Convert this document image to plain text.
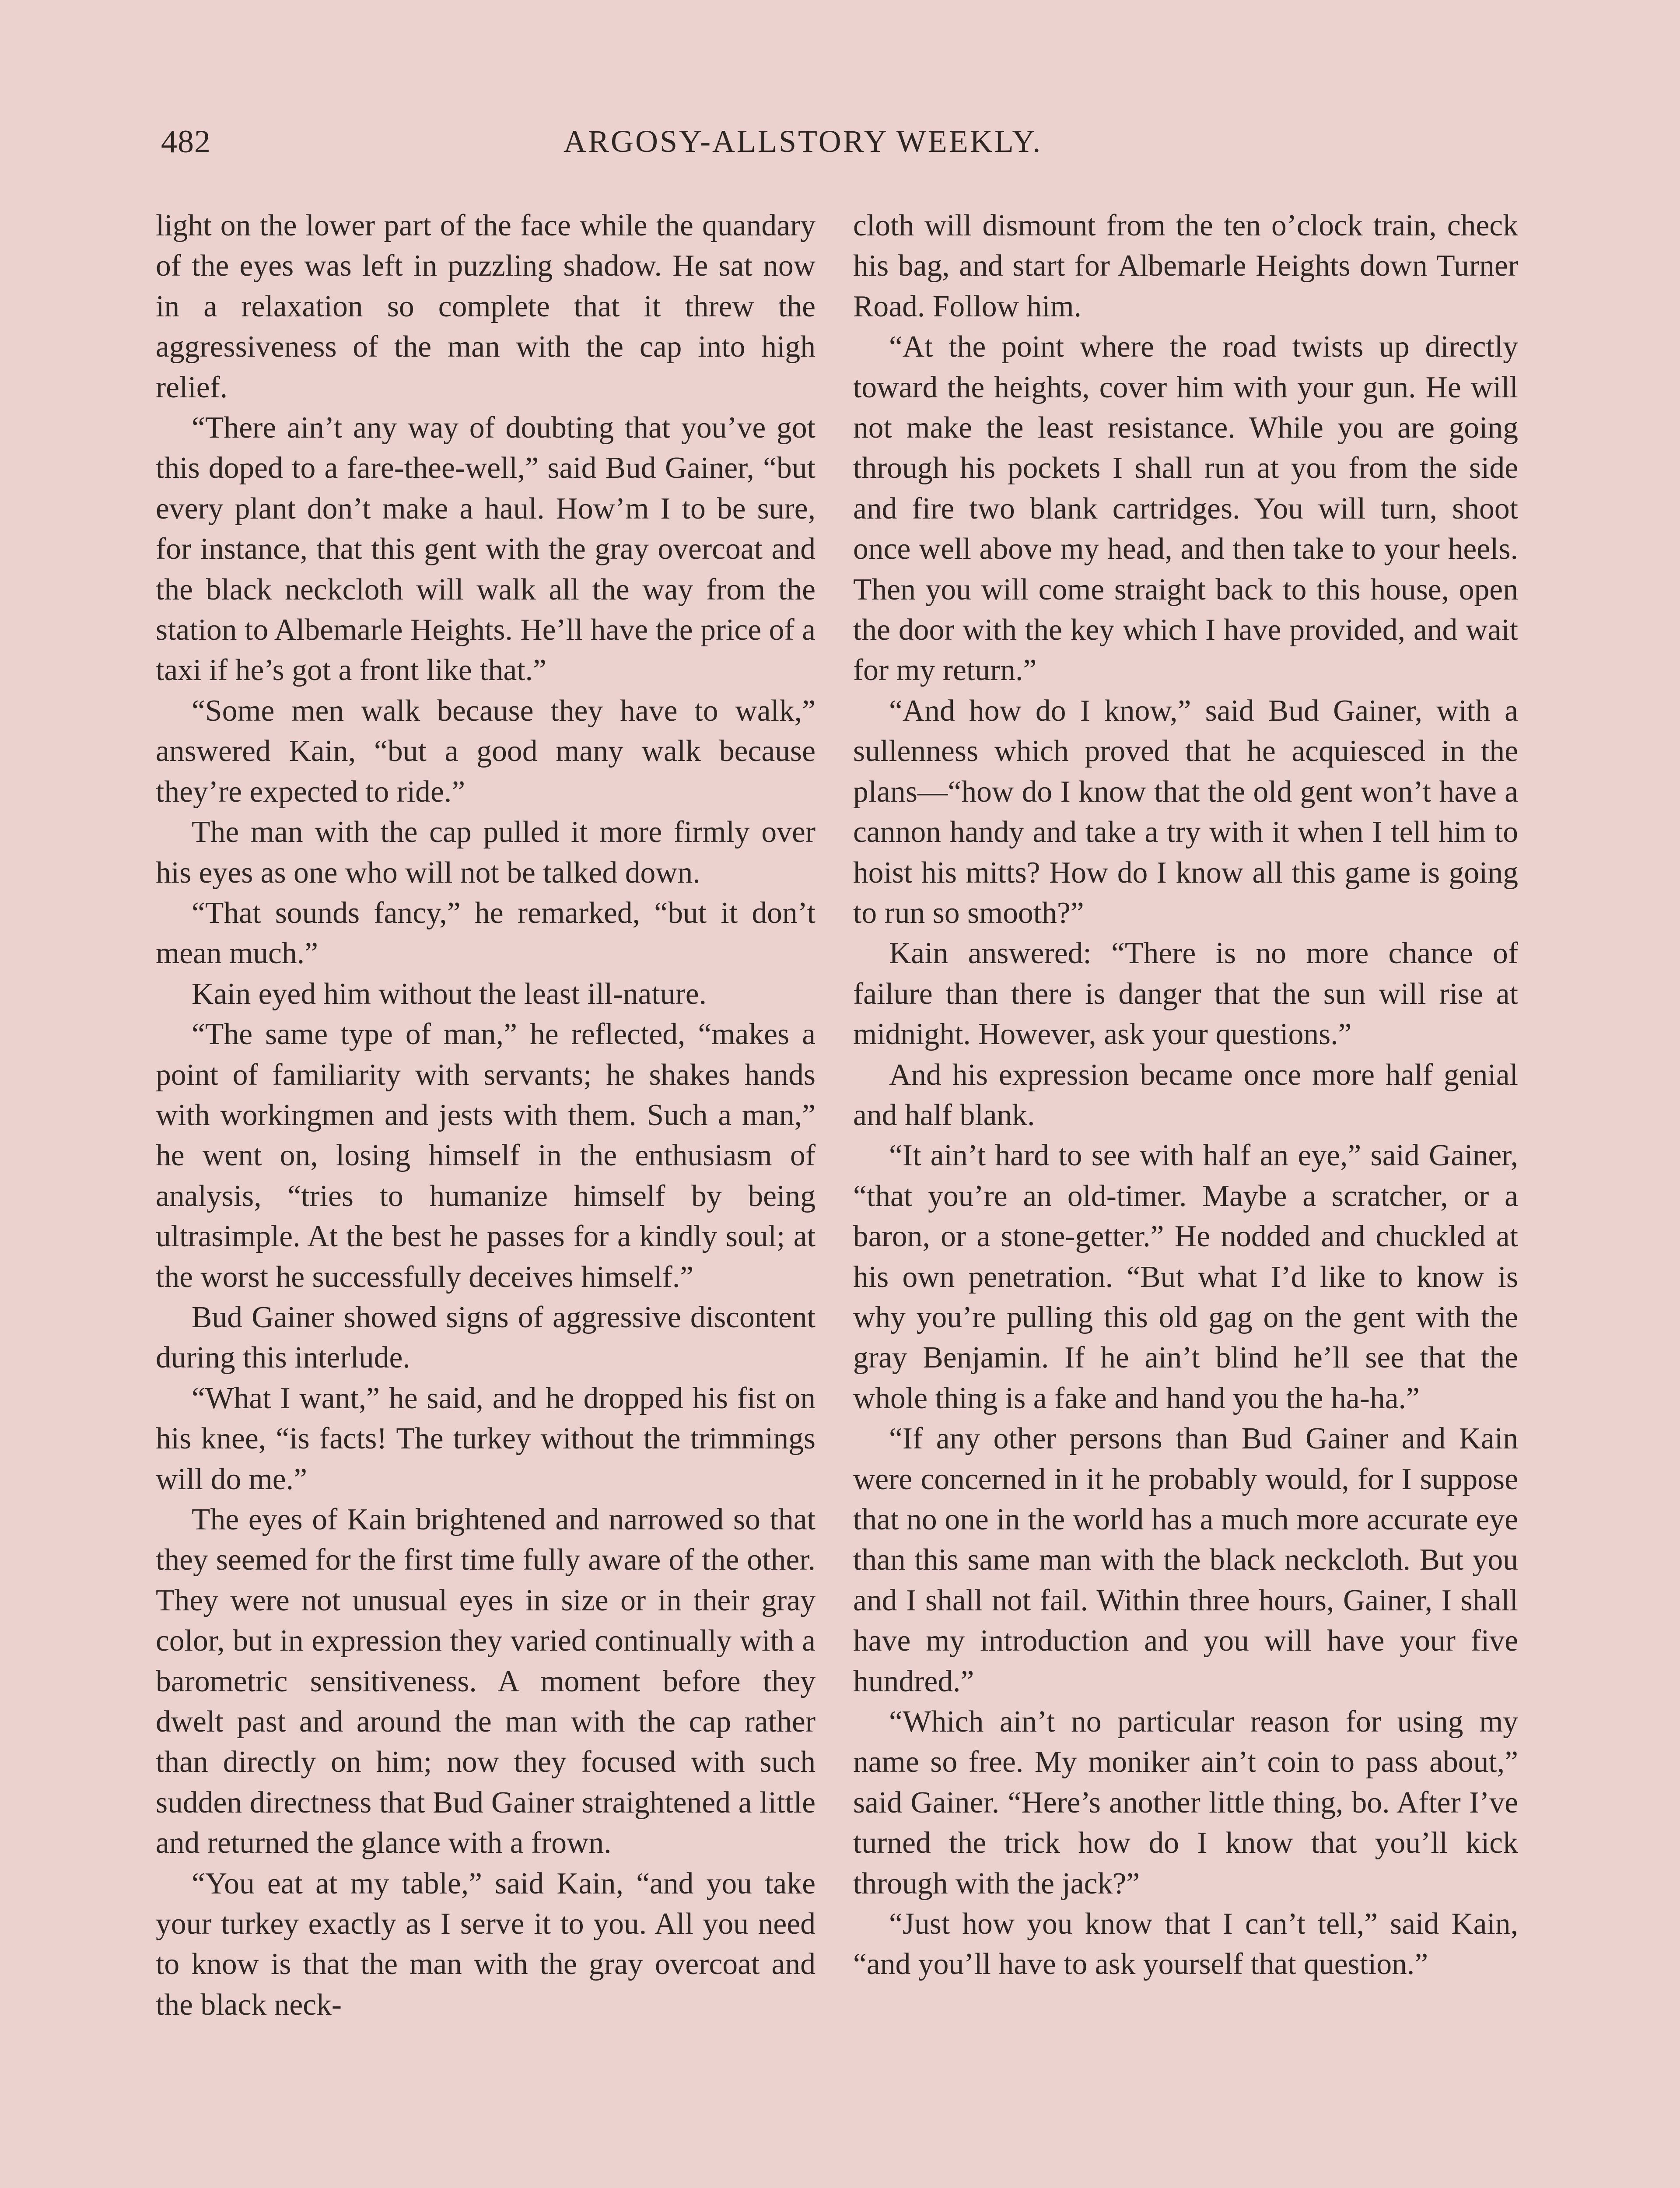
482	ARGOSY-ALLSTORY WEEKLY.

light on the lower part of the face while the quandary of the eyes was left in puzzling shadow. He sat now in a relaxation so complete that it threw the aggressiveness of the man with the cap into high relief.

“There ain’t any way of doubting that you’ve got this doped to a fare-thee-well,” said Bud Gainer, “but every plant don’t make a haul. How’m I to be sure, for instance, that this gent with the gray overcoat and the black neckcloth will walk all the way from the station to Albemarle Heights. He’ll have the price of a taxi if he’s got a front like that.”

“Some men walk because they have to walk,” answered Kain, “but a good many walk because they’re expected to ride.”

The man with the cap pulled it more firmly over his eyes as one who will not be talked down.

“That sounds fancy,” he remarked, “but it don’t mean much.”

Kain eyed him without the least ill-nature.

“The same type of man,” he reflected, “makes a point of familiarity with servants; he shakes hands with workingmen and jests with them. Such a man,” he went on, losing himself in the enthusiasm of analysis, “tries to humanize himself by being ultrasimple. At the best he passes for a kindly soul; at the worst he successfully deceives himself.”

Bud Gainer showed signs of aggressive discontent during this interlude.

“What I want,” he said, and he dropped his fist on his knee, “is facts! The turkey without the trimmings will do me.”

The eyes of Kain brightened and narrowed so that they seemed for the first time fully aware of the other. They were not unusual eyes in size or in their gray color, but in expression they varied continually with a barometric sensitiveness. A moment before they dwelt past and around the man with the cap rather than directly on him; now they focused with such sudden directness that Bud Gainer straightened a little and returned the glance with a frown.

“You eat at my table,” said Kain, “and you take your turkey exactly as I serve it to you. All you need to know is that the man with the gray overcoat and the black neck-

cloth will dismount from the ten o’clock train, check his bag, and start for Albemarle Heights down Turner Road. Follow him.

“At the point where the road twists up directly toward the heights, cover him with your gun. He will not make the least resistance. While you are going through his pockets I shall run at you from the side and fire two blank cartridges. You will turn, shoot once well above my head, and then take to your heels. Then you will come straight back to this house, open the door with the key which I have provided, and wait for my return.”

“And how do I know,” said Bud Gainer, with a sullenness which proved that he acquiesced in the plans—“how do I know that the old gent won’t have a cannon handy and take a try with it when I tell him to hoist his mitts? How do I know all this game is going to run so smooth?”

Kain answered: “There is no more chance of failure than there is danger that the sun will rise at midnight. However, ask your questions.”

And his expression became once more half genial and half blank.

“It ain’t hard to see with half an eye,” said Gainer, “that you’re an old-timer. Maybe a scratcher, or a baron, or a stone-getter.” He nodded and chuckled at his own penetration. “But what I’d like to know is why you’re pulling this old gag on the gent with the gray Benjamin. If he ain’t blind he’ll see that the whole thing is a fake and hand you the ha-ha.”

“If any other persons than Bud Gainer and Kain were concerned in it he probably would, for I suppose that no one in the world has a much more accurate eye than this same man with the black neckcloth. But you and I shall not fail. Within three hours, Gainer, I shall have my introduction and you will have your five hundred.”

“Which ain’t no particular reason for using my name so free. My moniker ain’t coin to pass about,” said Gainer. “Here’s another little thing, bo. After I’ve turned the trick how do I know that you’ll kick through with the jack?”

“Just how you know that I can’t tell,” said Kain, “and you’ll have to ask yourself that question.”
